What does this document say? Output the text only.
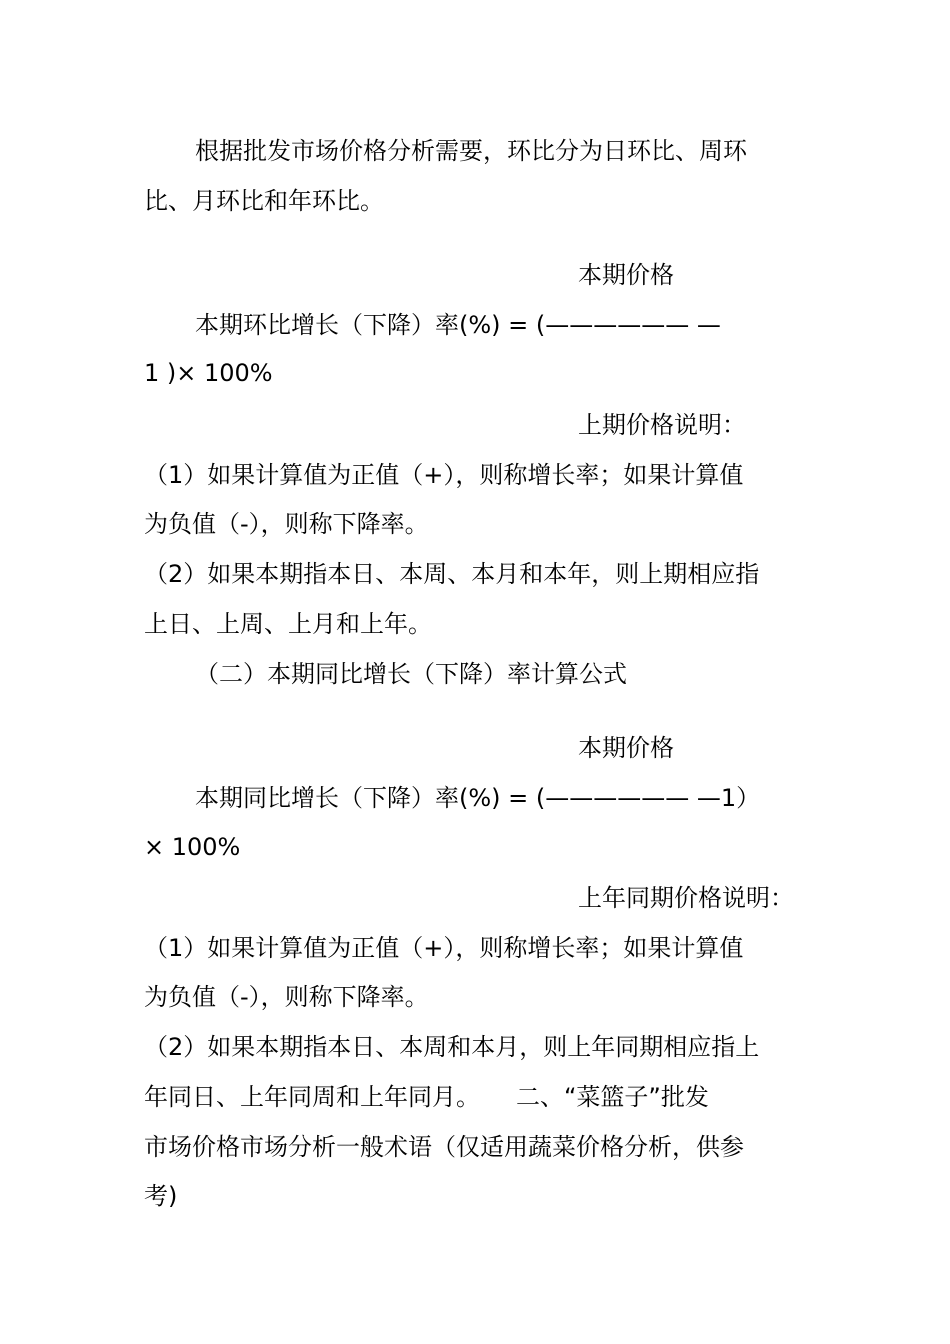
根据批发市场价格分析需要，环比分为日环比、周环
比、月环比和年环比。
本期价格
本期环比增长（下降）率(%) = (—————— —
1 )× 100%
上期价格说明：
（1）如果计算值为正值（+），则称增长率；如果计算值
为负值（-），则称下降率。
（2）如果本期指本日、本周、本月和本年，则上期相应指
上日、上周、上月和上年。
（二）本期同比增长（下降）率计算公式
本期价格
本期同比增长（下降）率(%) = (—————— —1）
× 100%
上年同期价格说明：
（1）如果计算值为正值（+），则称增长率；如果计算值
为负值（-），则称下降率。
（2）如果本期指本日、本周和本月，则上年同期相应指上
年同日、上年同周和上年同月。　　二、“菜篮子”批发
市场价格市场分析一般术语（仅适用蔬菜价格分析，供参
考)
